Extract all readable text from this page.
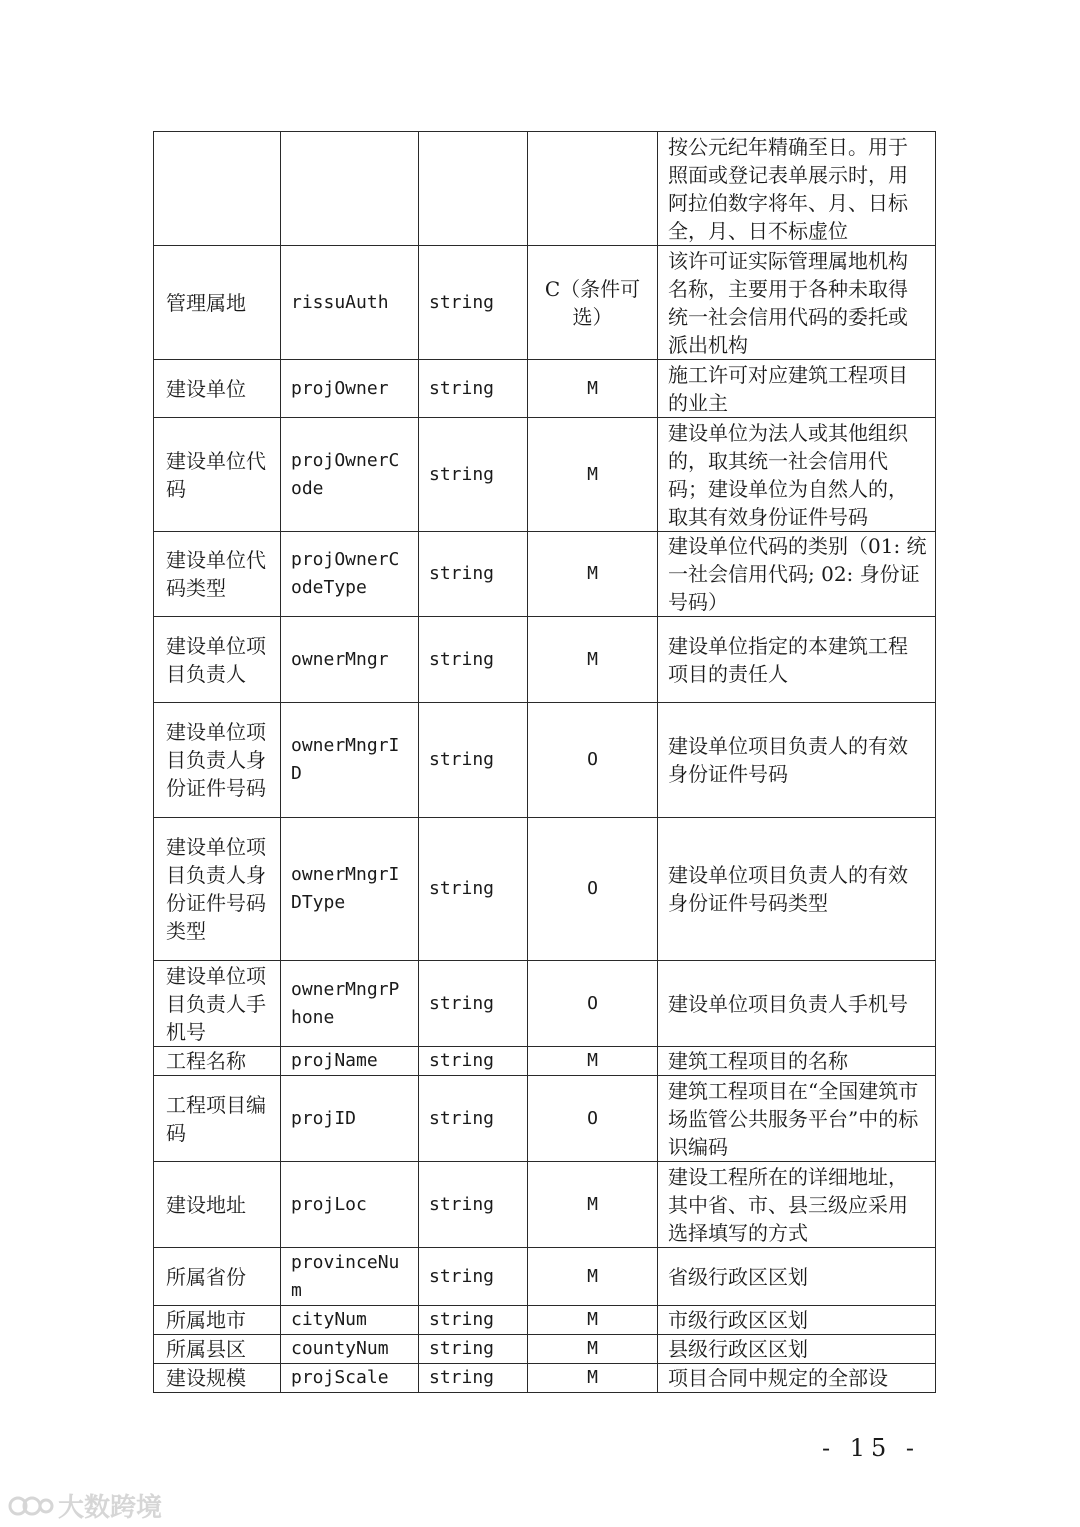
				按公元纪年精确至日。用于照面或登记表单展示时，用阿拉伯数字将年、月、日标全，月、日不标虚位
管理属地	rissuAuth	string	C（条件可选）	该许可证实际管理属地机构名称，主要用于各种未取得统一社会信用代码的委托或派出机构
建设单位	projOwner	string	M	施工许可对应建筑工程项目的业主
建设单位代码	projOwnerCode	string	M	建设单位为法人或其他组织的，取其统一社会信用代码；建设单位为自然人的，取其有效身份证件号码
建设单位代码类型	projOwnerCodeType	string	M	建设单位代码的类别（01: 统一社会信用代码; 02: 身份证号码）
建设单位项目负责人	ownerMngr	string	M	建设单位指定的本建筑工程项目的责任人
建设单位项目负责人身份证件号码	ownerMngrID	string	O	建设单位项目负责人的有效身份证件号码
建设单位项目负责人身份证件号码类型	ownerMngrIDType	string	O	建设单位项目负责人的有效身份证件号码类型
建设单位项目负责人手机号	ownerMngrPhone	string	O	建设单位项目负责人手机号
工程名称	projName	string	M	建筑工程项目的名称
工程项目编码	projID	string	O	建筑工程项目在“全国建筑市场监管公共服务平台”中的标识编码
建设地址	projLoc	string	M	建设工程所在的详细地址，其中省、市、县三级应采用选择填写的方式
所属省份	provinceNum	string	M	省级行政区区划
所属地市	cityNum	string	M	市级行政区区划
所属县区	countyNum	string	M	县级行政区区划
建设规模	projScale	string	M	项目合同中规定的全部设
- 15 -
大数跨境
